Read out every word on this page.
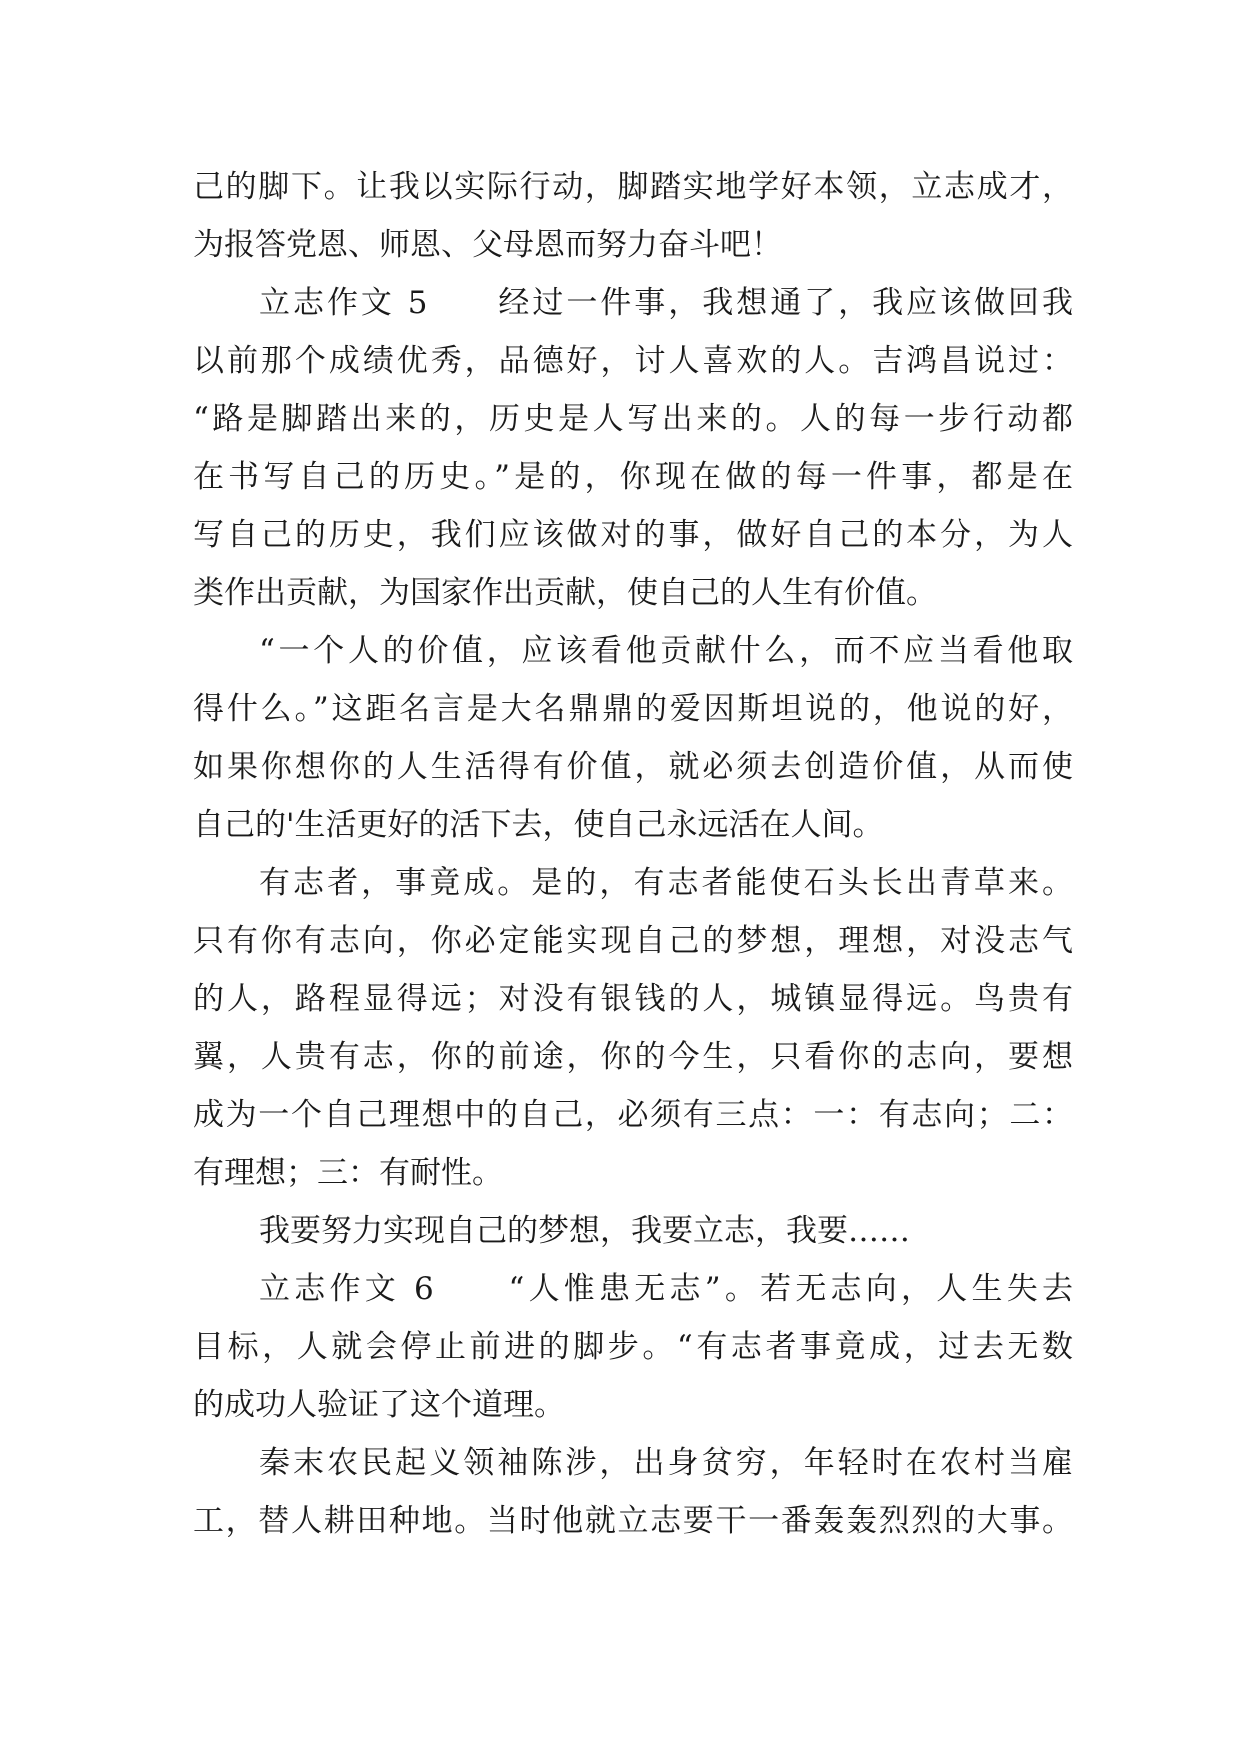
己的脚下。让我以实际行动，脚踏实地学好本领，立志成才，
为报答党恩、师恩、父母恩而努力奋斗吧！
立志作文 5　　经过一件事，我想通了，我应该做回我
以前那个成绩优秀，品德好，讨人喜欢的人。吉鸿昌说过：
“路是脚踏出来的，历史是人写出来的。人的每一步行动都
在书写自己的历史。”是的，你现在做的每一件事，都是在
写自己的历史，我们应该做对的事，做好自己的本分，为人
类作出贡献，为国家作出贡献，使自己的人生有价值。
“一个人的价值，应该看他贡献什么，而不应当看他取
得什么。”这距名言是大名鼎鼎的爱因斯坦说的，他说的好，
如果你想你的人生活得有价值，就必须去创造价值，从而使
自己的'生活更好的活下去，使自己永远活在人间。
有志者，事竟成。是的，有志者能使石头长出青草来。
只有你有志向，你必定能实现自己的梦想，理想，对没志气
的人，路程显得远；对没有银钱的人，城镇显得远。鸟贵有
翼，人贵有志，你的前途，你的今生，只看你的志向，要想
成为一个自己理想中的自己，必须有三点：一：有志向；二：
有理想；三：有耐性。
我要努力实现自己的梦想，我要立志，我要……
立志作文 6　　“人惟患无志”。若无志向，人生失去
目标，人就会停止前进的脚步。“有志者事竟成，过去无数
的成功人验证了这个道理。
秦末农民起义领袖陈涉，出身贫穷，年轻时在农村当雇
工，替人耕田种地。当时他就立志要干一番轰轰烈烈的大事。
